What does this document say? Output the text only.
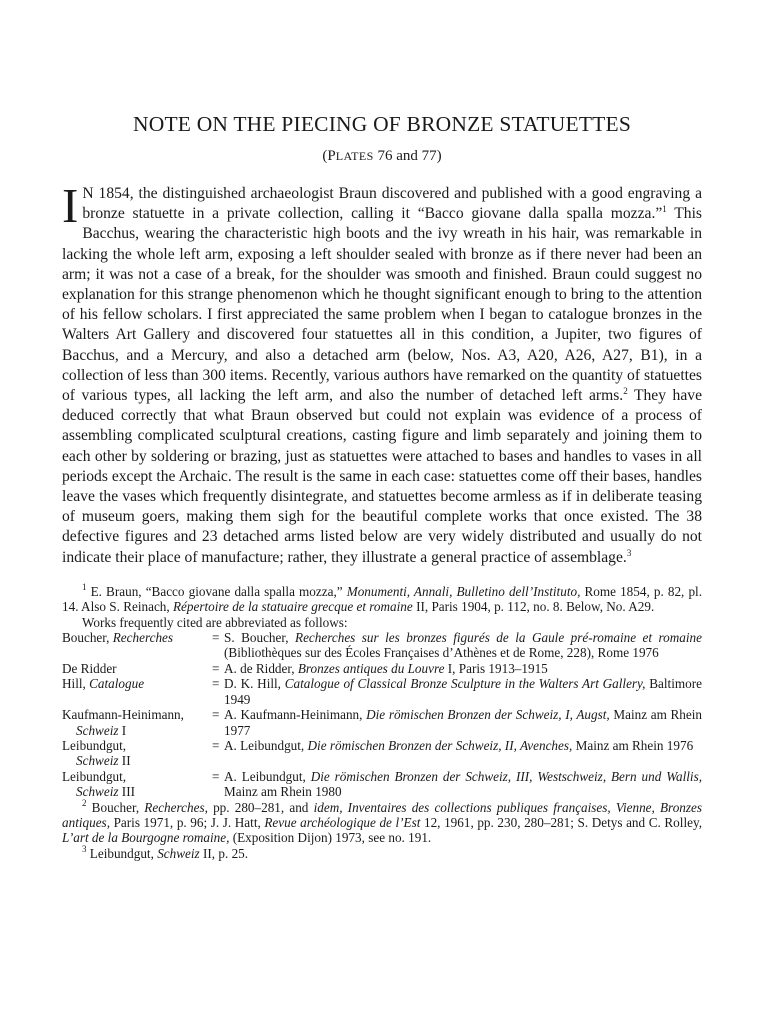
NOTE ON THE PIECING OF BRONZE STATUETTES
(PLATES 76 and 77)
I N 1854, the distinguished archaeologist Braun discovered and published with a good engraving a bronze statuette in a private collection, calling it “Bacco giovane dalla spalla mozza.”$^1$ This Bacchus, wearing the characteristic high boots and the ivy wreath in his hair, was remarkable in lacking the whole left arm, exposing a left shoulder sealed with bronze as if there never had been an arm; it was not a case of a break, for the shoulder was smooth and finished. Braun could suggest no explanation for this strange phenomenon which he thought significant enough to bring to the attention of his fellow scholars. I first appreciated the same problem when I began to catalogue bronzes in the Walters Art Gallery and discovered four statuettes all in this condition, a Jupiter, two figures of Bacchus, and a Mercury, and also a detached arm (below, Nos. A3, A20, A26, A27, B1), in a collection of less than 300 items. Recently, various authors have remarked on the quantity of statuettes of various types, all lacking the left arm, and also the number of detached left arms.$^2$ They have deduced correctly that what Braun observed but could not explain was evidence of a process of assembling complicated sculptural creations, casting figure and limb separately and joining them to each other by soldering or brazing, just as statuettes were attached to bases and handles to vases in all periods except the Archaic. The result is the same in each case: statuettes come off their bases, handles leave the vases which frequently disintegrate, and statuettes become armless as if in deliberate teasing of museum goers, making them sigh for the beautiful complete works that once existed. The 38 defective figures and 23 detached arms listed below are very widely distributed and usually do not indicate their place of manufacture; rather, they illustrate a general practice of assemblage.$^3$

$^1$ E. Braun, “Bacco giovane dalla spalla mozza,” Monumenti, Annali, Bulletino dell’Instituto, Rome 1854, p. 82, pl. 14. Also S. Reinach, Répertoire de la statuaire grecque et romaine II, Paris 1904, p. 112, no. 8. Below, No. A29.

Works frequently cited are abbreviated as follows:
Boucher, Recherches	=	S. Boucher, Recherches sur les bronzes figurés de la Gaule pré-romaine et romaine (Bibliothèques sur des Écoles Françaises d’Athènes et de Rome, 228), Rome 1976
De Ridder	=	A. de Ridder, Bronzes antiques du Louvre I, Paris 1913–1915
Hill, Catalogue	=	D. K. Hill, Catalogue of Classical Bronze Sculpture in the Walters Art Gallery, Baltimore 1949
Kaufmann-Heinimann,
Schweiz I	=	A. Kaufmann-Heinimann, Die römischen Bronzen der Schweiz, I, Augst, Mainz am Rhein 1977
Leibundgut,
Schweiz II	=	A. Leibundgut, Die römischen Bronzen der Schweiz, II, Avenches, Mainz am Rhein 1976
Leibundgut,
Schweiz III	=	A. Leibundgut, Die römischen Bronzen der Schweiz, III, Westschweiz, Bern und Wallis, Mainz am Rhein 1980

$^2$ Boucher, Recherches, pp. 280–281, and idem, Inventaires des collections publiques françaises, Vienne, Bronzes antiques, Paris 1971, p. 96; J. J. Hatt, Revue archéologique de l’Est 12, 1961, pp. 230, 280–281; S. Detys and C. Rolley, L’art de la Bourgogne romaine, (Exposition Dijon) 1973, see no. 191.

$^3$ Leibundgut, Schweiz II, p. 25.
